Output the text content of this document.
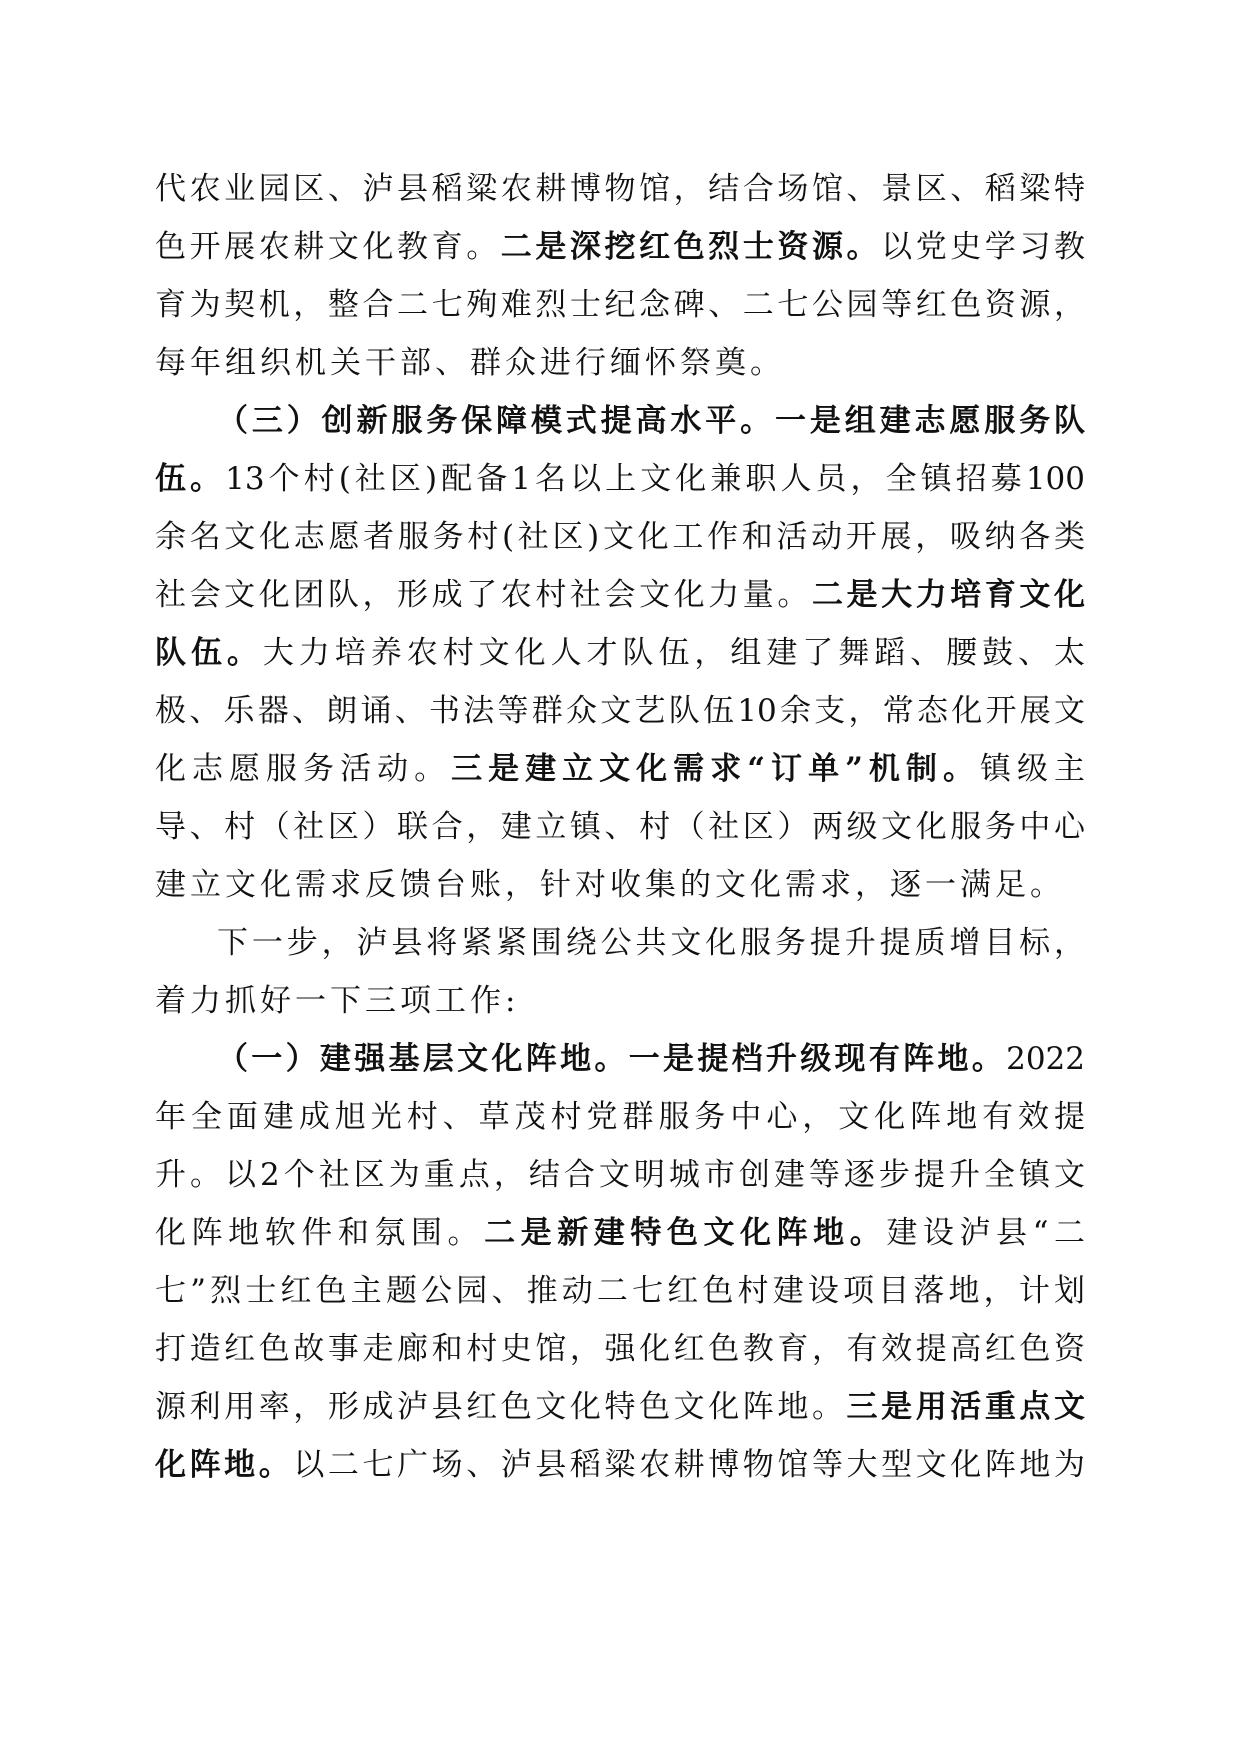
代农业园区、泸县稻粱农耕博物馆，结合场馆、景区、稻粱特
色开展农耕文化教育。二是深挖红色烈士资源。以党史学习教
育为契机，整合二七殉难烈士纪念碑、二七公园等红色资源，
每年组织机关干部、群众进行缅怀祭奠。
（三）创新服务保障模式提高水平。一是组建志愿服务队
伍。13个村(社区)配备1名以上文化兼职人员，全镇招募100
余名文化志愿者服务村(社区)文化工作和活动开展，吸纳各类
社会文化团队，形成了农村社会文化力量。二是大力培育文化
队伍。大力培养农村文化人才队伍，组建了舞蹈、腰鼓、太
极、乐器、朗诵、书法等群众文艺队伍10余支，常态化开展文
化志愿服务活动。三是建立文化需求“订单”机制。镇级主
导、村（社区）联合，建立镇、村（社区）两级文化服务中心
建立文化需求反馈台账，针对收集的文化需求，逐一满足。
下一步，泸县将紧紧围绕公共文化服务提升提质增目标，
着力抓好一下三项工作:
（一）建强基层文化阵地。一是提档升级现有阵地。2022
年全面建成旭光村、草茂村党群服务中心，文化阵地有效提
升。以2个社区为重点，结合文明城市创建等逐步提升全镇文
化阵地软件和氛围。二是新建特色文化阵地。建设泸县“二
七”烈士红色主题公园、推动二七红色村建设项目落地，计划
打造红色故事走廊和村史馆，强化红色教育，有效提高红色资
源利用率，形成泸县红色文化特色文化阵地。三是用活重点文
化阵地。以二七广场、泸县稻粱农耕博物馆等大型文化阵地为
